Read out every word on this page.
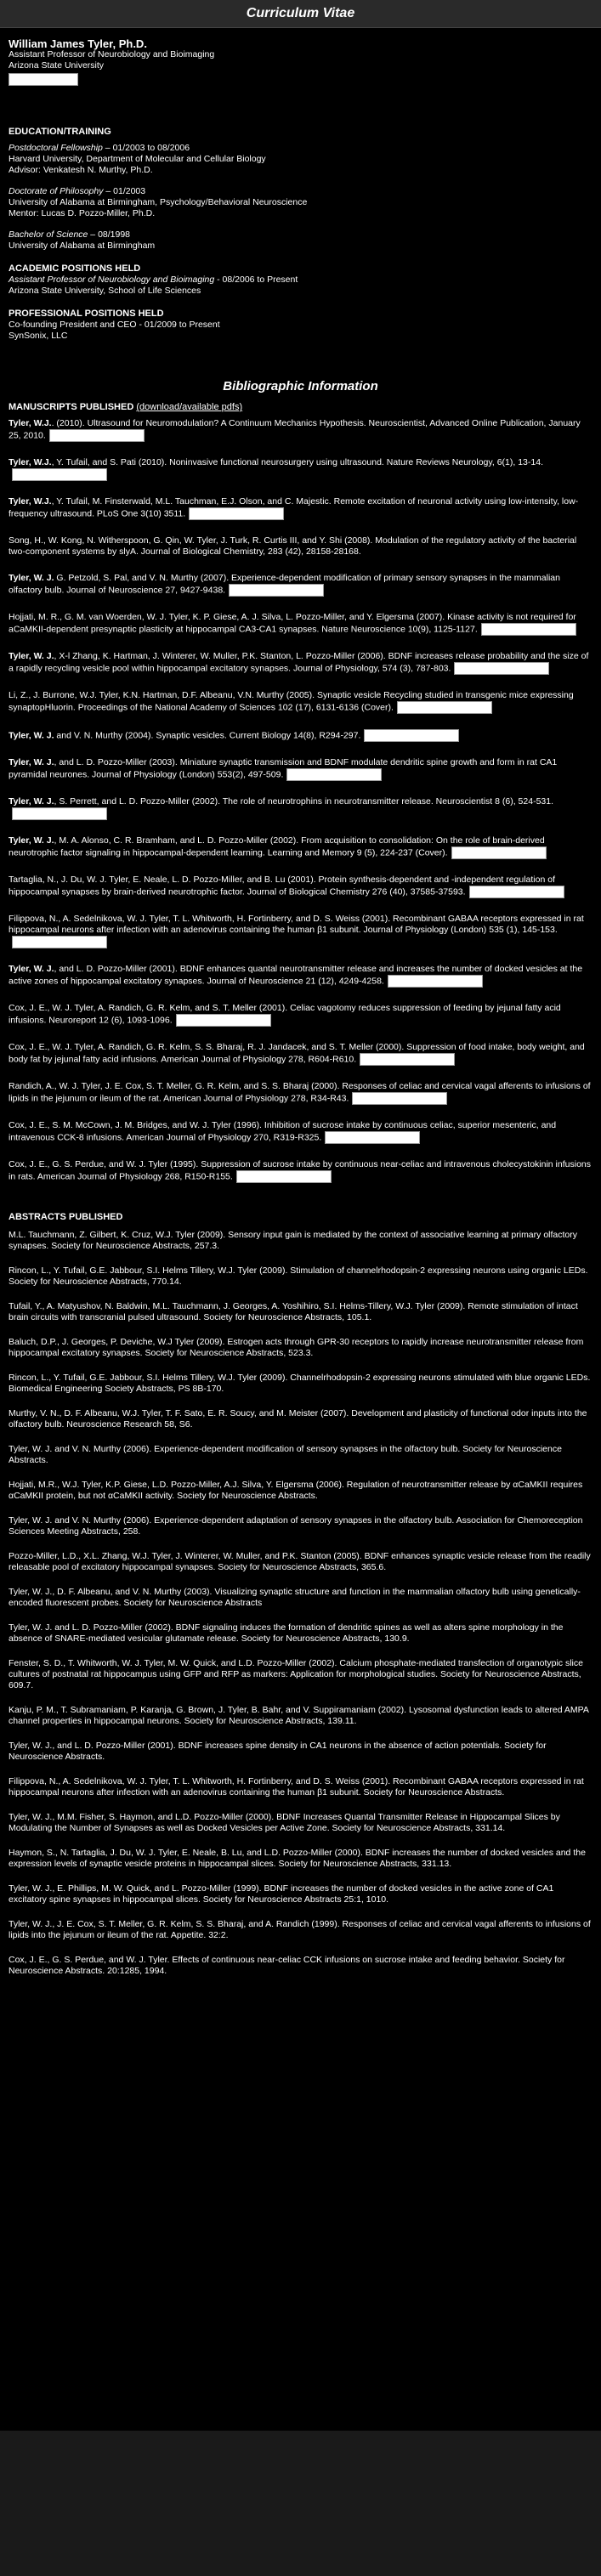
Curriculum Vitae
William James Tyler, Ph.D.

Assistant Professor of Neurobiology and Bioimaging

Arizona State University

EDUCATION/TRAINING

Postdoctoral Fellowship – 01/2003 to 08/2006

Harvard University, Department of Molecular and Cellular Biology

Advisor: Venkatesh N. Murthy, Ph.D.

Doctorate of Philosophy – 01/2003

University of Alabama at Birmingham, Psychology/Behavioral Neuroscience

Mentor: Lucas D. Pozzo-Miller, Ph.D.

Bachelor of Science – 08/1998

University of Alabama at Birmingham

ACADEMIC POSITIONS HELD

Assistant Professor of Neurobiology and Bioimaging - 08/2006 to Present

Arizona State University, School of Life Sciences

PROFESSIONAL POSITIONS HELD

Co-founding President and CEO - 01/2009 to Present

SynSonix, LLC

Bibliographic Information

MANUSCRIPTS PUBLISHED (download/available pdfs)

Tyler, W.J.. (2010). Ultrasound for Neuromodulation? A Continuum Mechanics Hypothesis. Neuroscientist, Advanced Online Publication, January 25, 2010.

Tyler, W.J., Y. Tufail, and S. Pati (2010). Noninvasive functional neurosurgery using ultrasound. Nature Reviews Neurology, 6(1), 13-14.

Tyler, W.J., Y. Tufail, M. Finsterwald, M.L. Tauchman, E.J. Olson, and C. Majestic. Remote excitation of neuronal activity using low-intensity, low-frequency ultrasound. PLoS One 3(10) 3511.

Song, H., W. Kong, N. Witherspoon, G. Qin, W. Tyler, J. Turk, R. Curtis III, and Y. Shi (2008). Modulation of the regulatory activity of the bacterial two-component systems by slyA. Journal of Biological Chemistry, 283 (42), 28158-28168.

Tyler, W. J. G. Petzold, S. Pal, and V. N. Murthy (2007). Experience-dependent modification of primary sensory synapses in the mammalian olfactory bulb. Journal of Neuroscience 27, 9427-9438.

Hojjati, M. R., G. M. van Woerden, W. J. Tyler, K. P. Giese, A. J. Silva, L. Pozzo-Miller, and Y. Elgersma (2007). Kinase activity is not required for aCaMKII-dependent presynaptic plasticity at hippocampal CA3-CA1 synapses. Nature Neuroscience 10(9), 1125-1127.

Tyler, W. J., X-l Zhang, K. Hartman, J. Winterer, W. Muller, P.K. Stanton, L. Pozzo-Miller (2006). BDNF increases release probability and the size of a rapidly recycling vesicle pool within hippocampal excitatory synapses. Journal of Physiology, 574 (3), 787-803.

Li, Z., J. Burrone, W.J. Tyler, K.N. Hartman, D.F. Albeanu, V.N. Murthy (2005). Synaptic vesicle Recycling studied in transgenic mice expressing synaptopHluorin. Proceedings of the National Academy of Sciences 102 (17), 6131-6136 (Cover).

Tyler, W. J. and V. N. Murthy (2004). Synaptic vesicles. Current Biology 14(8), R294-297.

Tyler, W. J., and L. D. Pozzo-Miller (2003). Miniature synaptic transmission and BDNF modulate dendritic spine growth and form in rat CA1 pyramidal neurones. Journal of Physiology (London) 553(2), 497-509.

Tyler, W. J., S. Perrett, and L. D. Pozzo-Miller (2002). The role of neurotrophins in neurotransmitter release. Neuroscientist 8 (6), 524-531.

Tyler, W. J., M. A. Alonso, C. R. Bramham, and L. D. Pozzo-Miller (2002). From acquisition to consolidation: On the role of brain-derived neurotrophic factor signaling in hippocampal-dependent learning. Learning and Memory 9 (5), 224-237 (Cover).

Tartaglia, N., J. Du, W. J. Tyler, E. Neale, L. D. Pozzo-Miller, and B. Lu (2001). Protein synthesis-dependent and -independent regulation of hippocampal synapses by brain-derived neurotrophic factor. Journal of Biological Chemistry 276 (40), 37585-37593.

Filippova, N., A. Sedelnikova, W. J. Tyler, T. L. Whitworth, H. Fortinberry, and D. S. Weiss (2001). Recombinant GABAA receptors expressed in rat hippocampal neurons after infection with an adenovirus containing the human β1 subunit. Journal of Physiology (London) 535 (1), 145-153.

Tyler, W. J., and L. D. Pozzo-Miller (2001). BDNF enhances quantal neurotransmitter release and increases the number of docked vesicles at the active zones of hippocampal excitatory synapses. Journal of Neuroscience 21 (12), 4249-4258.

Cox, J. E., W. J. Tyler, A. Randich, G. R. Kelm, and S. T. Meller (2001). Celiac vagotomy reduces suppression of feeding by jejunal fatty acid infusions. Neuroreport 12 (6), 1093-1096.

Cox, J. E., W. J. Tyler, A. Randich, G. R. Kelm, S. S. Bharaj, R. J. Jandacek, and S. T. Meller (2000). Suppression of food intake, body weight, and body fat by jejunal fatty acid infusions. American Journal of Physiology 278, R604-R610.

Randich, A., W. J. Tyler, J. E. Cox, S. T. Meller, G. R. Kelm, and S. S. Bharaj (2000). Responses of celiac and cervical vagal afferents to infusions of lipids in the jejunum or ileum of the rat. American Journal of Physiology 278, R34-R43.

Cox, J. E., S. M. McCown, J. M. Bridges, and W. J. Tyler (1996). Inhibition of sucrose intake by continuous celiac, superior mesenteric, and intravenous CCK-8 infusions. American Journal of Physiology 270, R319-R325.

Cox, J. E., G. S. Perdue, and W. J. Tyler (1995). Suppression of sucrose intake by continuous near-celiac and intravenous cholecystokinin infusions in rats. American Journal of Physiology 268, R150-R155.

ABSTRACTS PUBLISHED

M.L. Tauchmann, Z. Gilbert, K. Cruz, W.J. Tyler (2009). Sensory input gain is mediated by the context of associative learning at primary olfactory synapses. Society for Neuroscience Abstracts, 257.3.

Rincon, L., Y. Tufail, G.E. Jabbour, S.I. Helms Tillery, W.J. Tyler (2009). Stimulation of channelrhodopsin-2 expressing neurons using organic LEDs. Society for Neuroscience Abstracts, 770.14.

Tufail, Y., A. Matyushov, N. Baldwin, M.L. Tauchmann, J. Georges, A. Yoshihiro, S.I. Helms-Tillery, W.J. Tyler (2009). Remote stimulation of intact brain circuits with transcranial pulsed ultrasound. Society for Neuroscience Abstracts, 105.1.

Baluch, D.P., J. Georges, P. Deviche, W.J Tyler (2009). Estrogen acts through GPR-30 receptors to rapidly increase neurotransmitter release from hippocampal excitatory synapses. Society for Neuroscience Abstracts, 523.3.

Rincon, L., Y. Tufail, G.E. Jabbour, S.I. Helms Tillery, W.J. Tyler (2009). Channelrhodopsin-2 expressing neurons stimulated with blue organic LEDs. Biomedical Engineering Society Abstracts, PS 8B-170.

Murthy, V. N., D. F. Albeanu, W.J. Tyler, T. F. Sato, E. R. Soucy, and M. Meister (2007). Development and plasticity of functional odor inputs into the olfactory bulb. Neuroscience Research 58, S6.

Tyler, W. J. and V. N. Murthy (2006). Experience-dependent modification of sensory synapses in the olfactory bulb. Society for Neuroscience Abstracts.

Hojjati, M.R., W.J. Tyler, K.P. Giese, L.D. Pozzo-Miller, A.J. Silva, Y. Elgersma (2006). Regulation of neurotransmitter release by αCaMKII requires αCaMKII protein, but not αCaMKII activity. Society for Neuroscience Abstracts.

Tyler, W. J. and V. N. Murthy (2006). Experience-dependent adaptation of sensory synapses in the olfactory bulb. Association for Chemoreception Sciences Meeting Abstracts, 258.

Pozzo-Miller, L.D., X.L. Zhang, W.J. Tyler, J. Winterer, W. Muller, and P.K. Stanton (2005). BDNF enhances synaptic vesicle release from the readily releasable pool of excitatory hippocampal synapses. Society for Neuroscience Abstracts, 365.6.

Tyler, W. J., D. F. Albeanu, and V. N. Murthy (2003). Visualizing synaptic structure and function in the mammalian olfactory bulb using genetically-encoded fluorescent probes. Society for Neuroscience Abstracts

Tyler, W. J. and L. D. Pozzo-Miller (2002). BDNF signaling induces the formation of dendritic spines as well as alters spine morphology in the absence of SNARE-mediated vesicular glutamate release. Society for Neuroscience Abstracts, 130.9.

Fenster, S. D., T. Whitworth, W. J. Tyler, M. W. Quick, and L.D. Pozzo-Miller (2002). Calcium phosphate-mediated transfection of organotypic slice cultures of postnatal rat hippocampus using GFP and RFP as markers: Application for morphological studies. Society for Neuroscience Abstracts, 609.7.

Kanju, P. M., T. Subramaniam, P. Karanja, G. Brown, J. Tyler, B. Bahr, and V. Suppiramaniam (2002). Lysosomal dysfunction leads to altered AMPA channel properties in hippocampal neurons. Society for Neuroscience Abstracts, 139.11.

Tyler, W. J., and L. D. Pozzo-Miller (2001). BDNF increases spine density in CA1 neurons in the absence of action potentials. Society for Neuroscience Abstracts.

Filippova, N., A. Sedelnikova, W. J. Tyler, T. L. Whitworth, H. Fortinberry, and D. S. Weiss (2001). Recombinant GABAA receptors expressed in rat hippocampal neurons after infection with an adenovirus containing the human β1 subunit. Society for Neuroscience Abstracts.

Tyler, W. J., M.M. Fisher, S. Haymon, and L.D. Pozzo-Miller (2000). BDNF Increases Quantal Transmitter Release in Hippocampal Slices by Modulating the Number of Synapses as well as Docked Vesicles per Active Zone. Society for Neuroscience Abstracts, 331.14.

Haymon, S., N. Tartaglia, J. Du, W. J. Tyler, E. Neale, B. Lu, and L.D. Pozzo-Miller (2000). BDNF increases the number of docked vesicles and the expression levels of synaptic vesicle proteins in hippocampal slices. Society for Neuroscience Abstracts, 331.13.

Tyler, W. J., E. Phillips, M. W. Quick, and L. Pozzo-Miller (1999). BDNF increases the number of docked vesicles in the active zone of CA1 excitatory spine synapses in hippocampal slices. Society for Neuroscience Abstracts 25:1, 1010.

Tyler, W. J., J. E. Cox, S. T. Meller, G. R. Kelm, S. S. Bharaj, and A. Randich (1999). Responses of celiac and cervical vagal afferents to infusions of lipids into the jejunum or ileum of the rat. Appetite. 32:2.

Cox, J. E., G. S. Perdue, and W. J. Tyler. Effects of continuous near-celiac CCK infusions on sucrose intake and feeding behavior. Society for Neuroscience Abstracts. 20:1285, 1994.
